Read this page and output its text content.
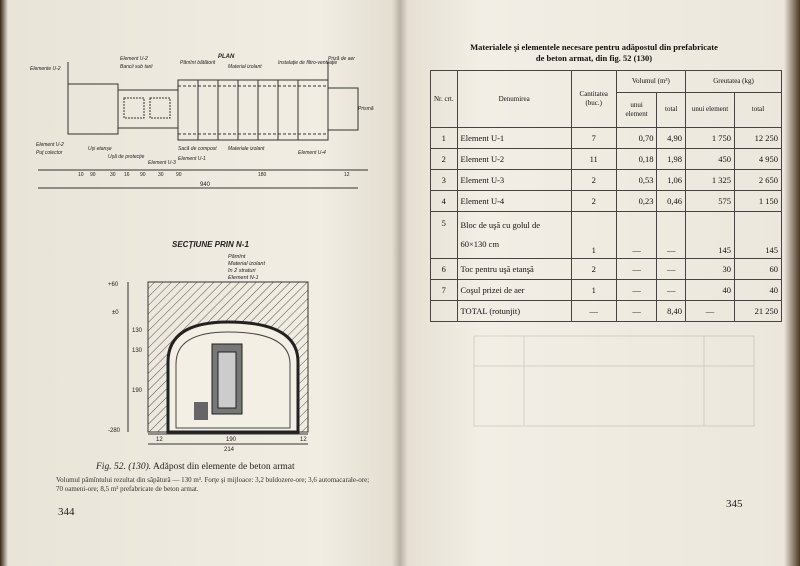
Elemente U-2
Element U-2
Bancii sub tarii
Pămînt bătătorit
PLAN
Material izolant
Instalaţie de filtro-ventilaţie
Priză de aer
Prismă
Element U-2
Puţ colector
Uşi etanşe
Uşă de protecţie
Sacă de compost Materiale izolant
Element U-1
Element U-4
Element U-3
10 90	30 16 90 30 90	180	12
940
SECŢIUNE PRIN N-1
+60
±0
-280
130
130
190
12	190	12
214
Pămînt
Material izolant
în 2 straturi
Element N-1
Fig. 52. (130). Adăpost din elemente de beton armat
Volumul pămîntului rezultat din săpătură — 130 m³. Forţe şi mijloace: 3,2 buldozere-ore; 3,6 automacarale-ore; 70 oameni-ore; 8,5 m³ prefabricate de beton armat.
344
Materialele şi elementele necesare pentru adăpostul din prefabricate
de beton armat, din fig. 52 (130)
Nr. crt.	Denumirea	Cantitatea (buc.)	Volumul (m³)		Greutatea (kg)	
			unui element	total	unui element	total
1	Element U-1	7	0,70	4,90	1 750	12 250
2	Element U-2	11	0,18	1,98	450	4 950
3	Element U-3	2	0,53	1,06	1 325	2 650
4	Element U-4	2	0,23	0,46	575	1 150
5	Bloc de uşă cu golul de 60×130 cm	1	—	—	145	145
6	Toc pentru uşă etanşă	2	—	—	30	60
7	Coşul prizei de aer	1	—	—	40	40
	TOTAL (rotunjit)	—	—	8,40	—	21 250
345
